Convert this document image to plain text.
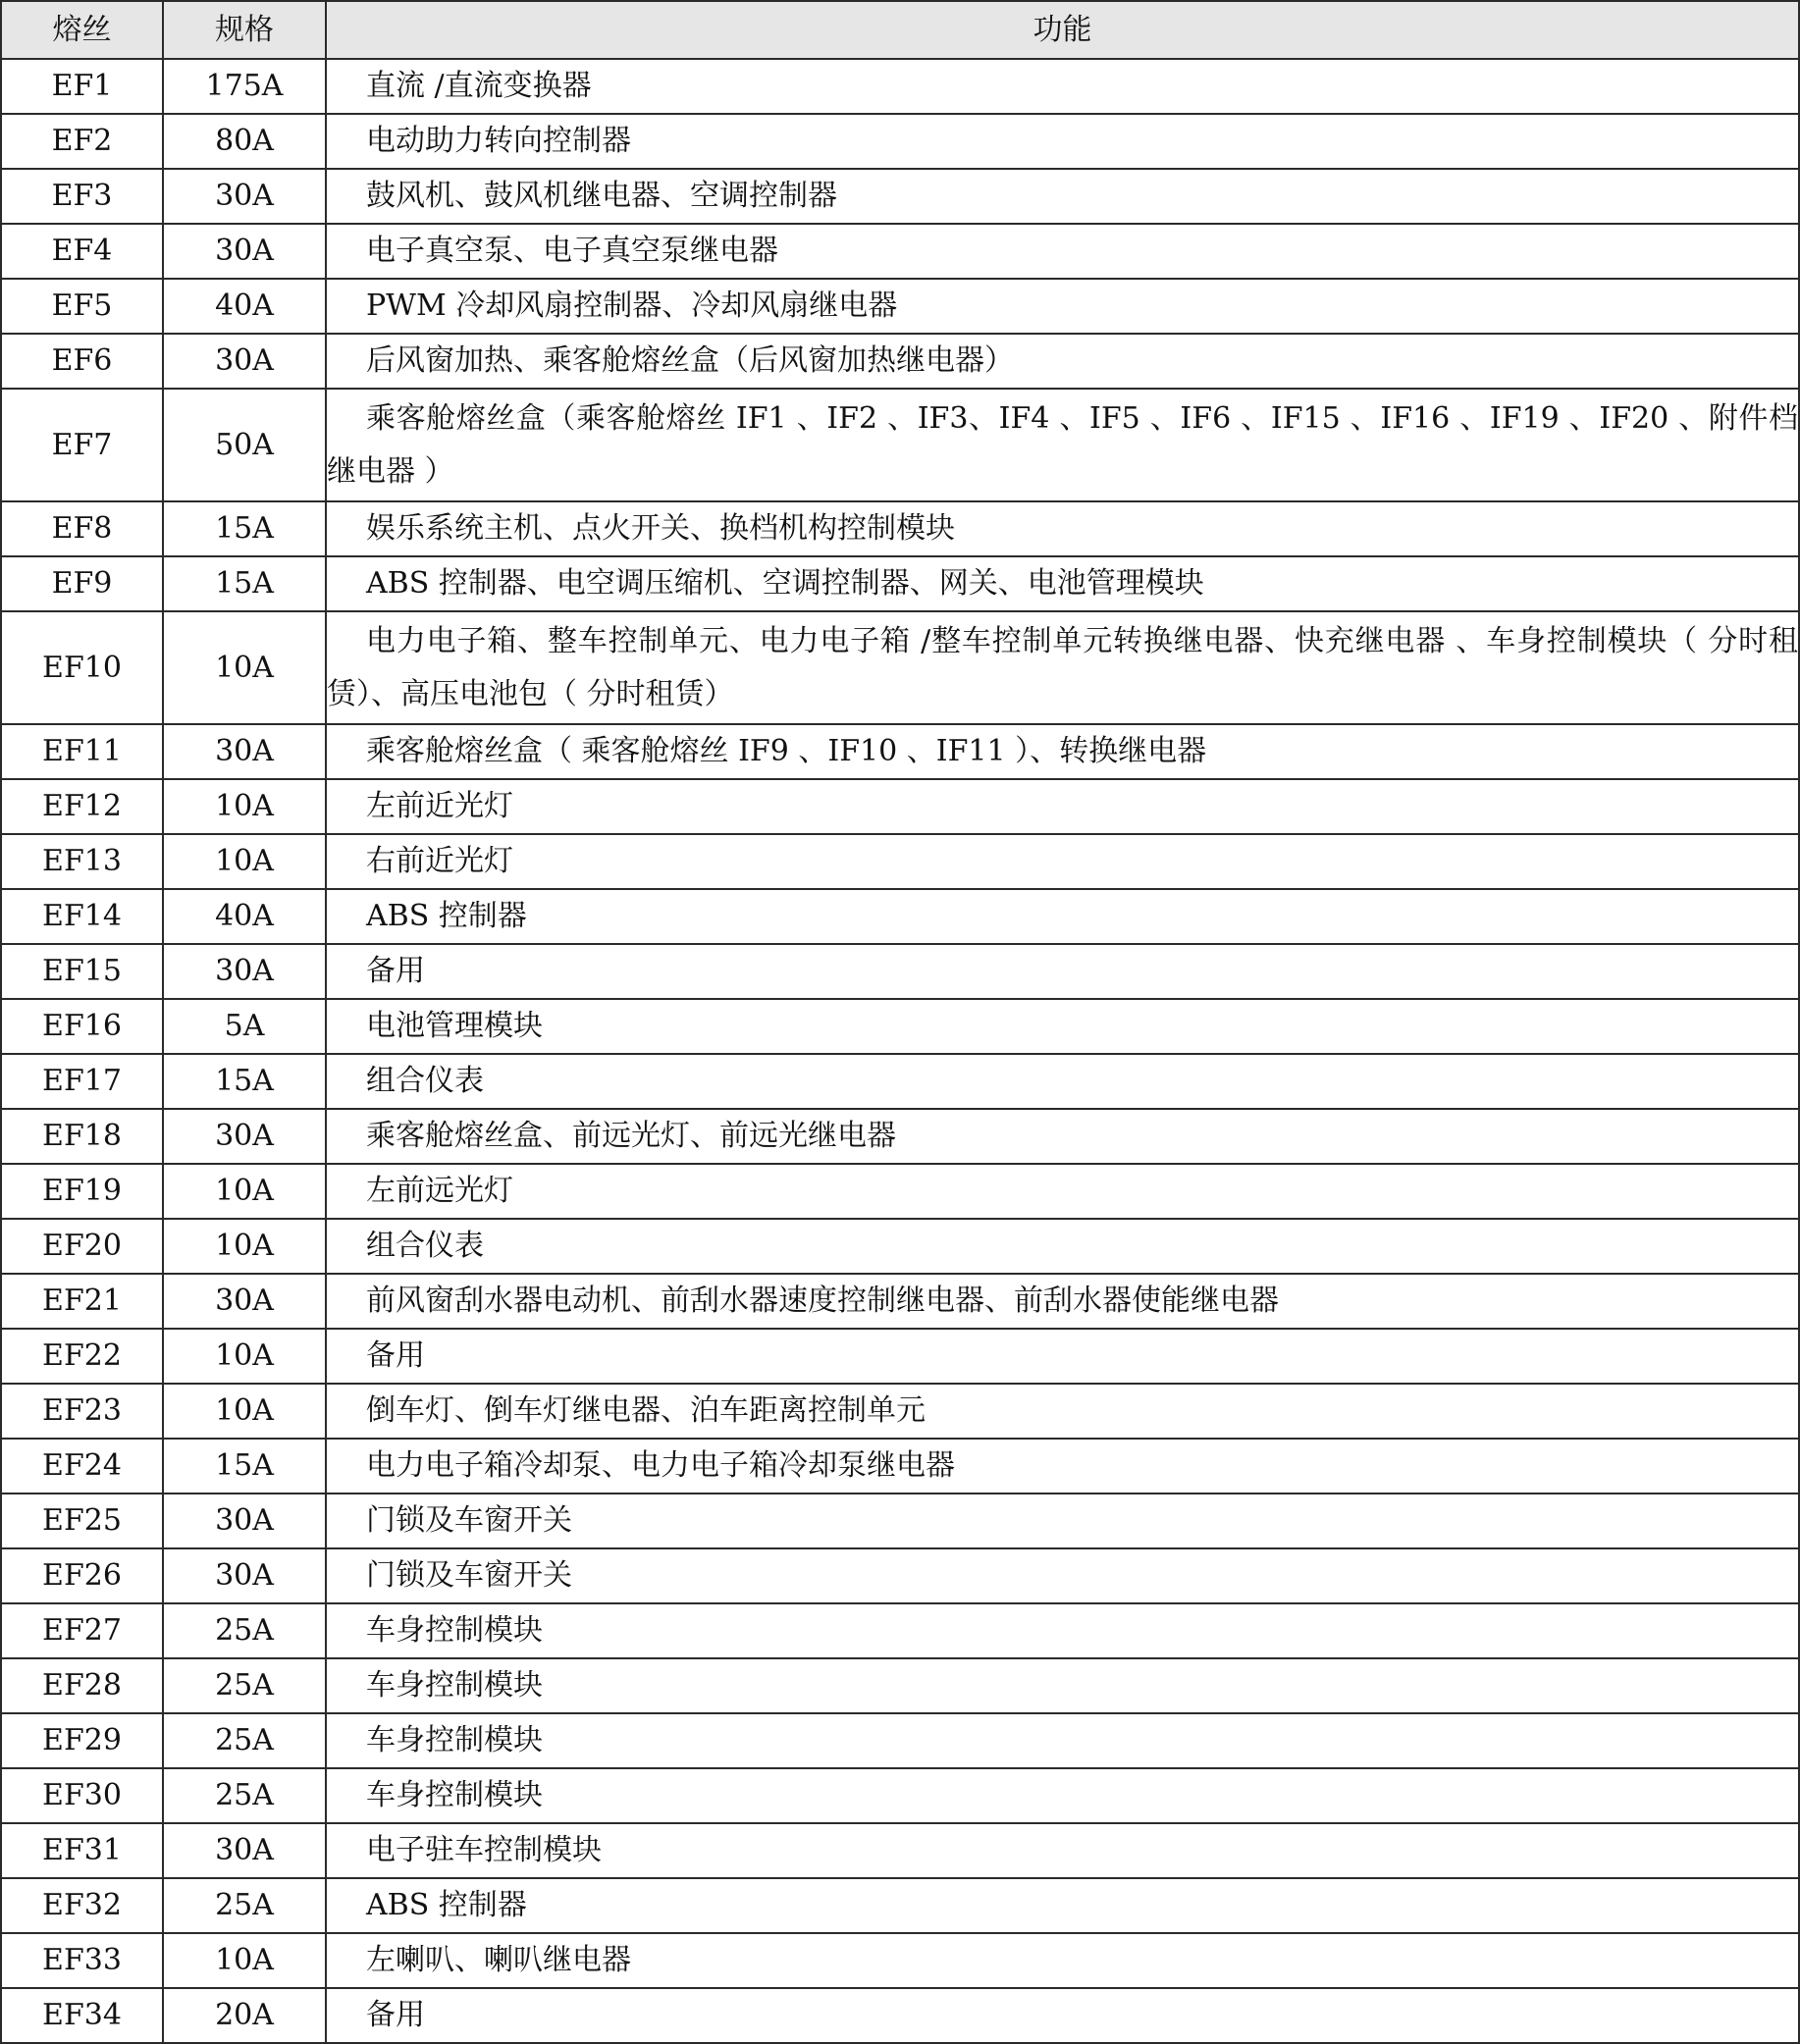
熔丝	规格	功能
EF1	175A	直流 /直流变换器

EF2	80A	电动助力转向控制器

EF3	30A	鼓风机、鼓风机继电器、空调控制器

EF4	30A	电子真空泵、电子真空泵继电器

EF5	40A	PWM 冷却风扇控制器、冷却风扇继电器

EF6	30A	后风窗加热、乘客舱熔丝盒（后风窗加热继电器）

EF7	50A	乘客舱熔丝盒（乘客舱熔丝 IF1 、IF2 、IF3、IF4 、IF5 、IF6 、IF15 、IF16 、IF19 、IF20 、附件档继电器 ）

EF8	15A	娱乐系统主机、点火开关、换档机构控制模块

EF9	15A	ABS 控制器、电空调压缩机、空调控制器、网关、电池管理模块

EF10	10A	电力电子箱、整车控制单元、电力电子箱 /整车控制单元转换继电器、快充继电器 、车身控制模块（ 分时租赁）、高压电池包（ 分时租赁）

EF11	30A	乘客舱熔丝盒（ 乘客舱熔丝 IF9 、IF10 、IF11 ）、转换继电器

EF12	10A	左前近光灯

EF13	10A	右前近光灯

EF14	40A	ABS 控制器

EF15	30A	备用

EF16	5A	电池管理模块

EF17	15A	组合仪表

EF18	30A	乘客舱熔丝盒、前远光灯、前远光继电器

EF19	10A	左前远光灯

EF20	10A	组合仪表

EF21	30A	前风窗刮水器电动机、前刮水器速度控制继电器、前刮水器使能继电器

EF22	10A	备用

EF23	10A	倒车灯、倒车灯继电器、泊车距离控制单元

EF24	15A	电力电子箱冷却泵、电力电子箱冷却泵继电器

EF25	30A	门锁及车窗开关

EF26	30A	门锁及车窗开关

EF27	25A	车身控制模块

EF28	25A	车身控制模块

EF29	25A	车身控制模块

EF30	25A	车身控制模块

EF31	30A	电子驻车控制模块

EF32	25A	ABS 控制器

EF33	10A	左喇叭、喇叭继电器

EF34	20A	备用
